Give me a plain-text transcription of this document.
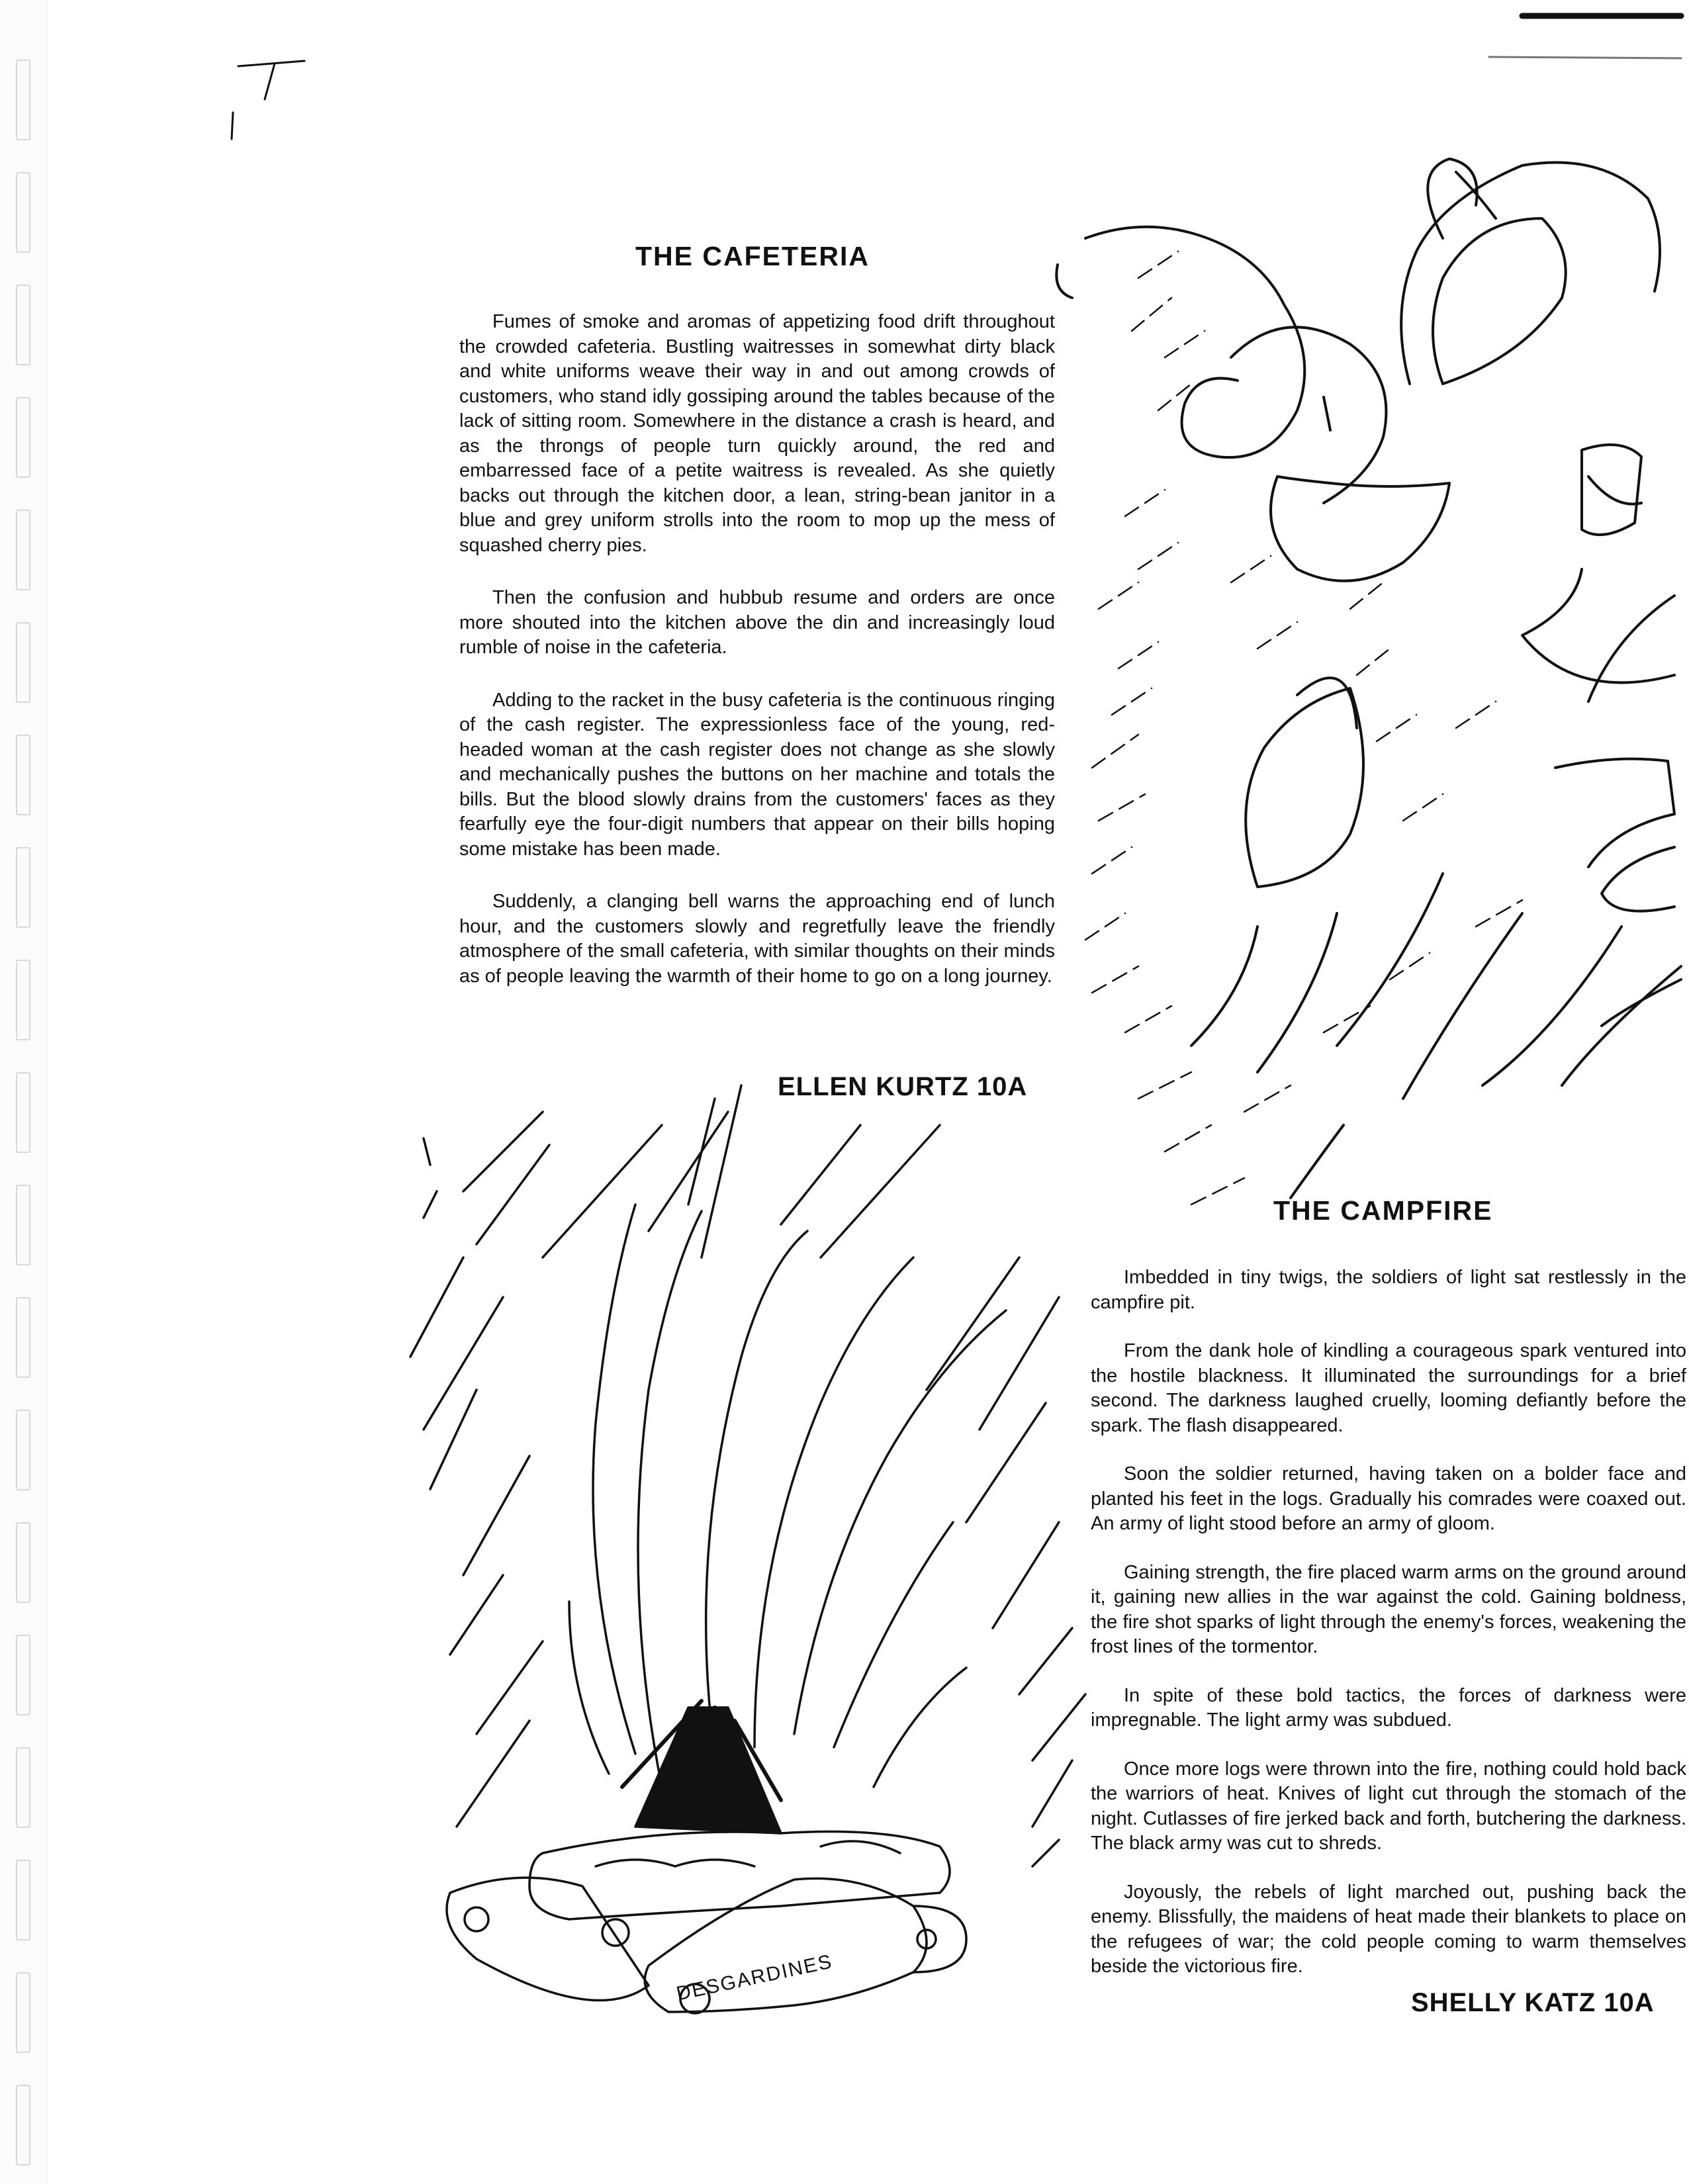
DESGARDINES
THE CAFETERIA

Fumes of smoke and aromas of appetizing food drift throughout the crowded cafeteria. Bustling waitresses in somewhat dirty black and white uniforms weave their way in and out among crowds of customers, who stand idly gossiping around the tables because of the lack of sitting room. Somewhere in the distance a crash is heard, and as the throngs of people turn quickly around, the red and embarressed face of a petite waitress is revealed. As she quietly backs out through the kitchen door, a lean, string-bean janitor in a blue and grey uniform strolls into the room to mop up the mess of squashed cherry pies.

Then the confusion and hubbub resume and orders are once more shouted into the kitchen above the din and increasingly loud rumble of noise in the cafeteria.

Adding to the racket in the busy cafeteria is the continuous ringing of the cash register. The expressionless face of the young, red-headed woman at the cash register does not change as she slowly and mechanically pushes the buttons on her machine and totals the bills. But the blood slowly drains from the customers' faces as they fearfully eye the four-digit numbers that appear on their bills hoping some mistake has been made.

Suddenly, a clanging bell warns the approaching end of lunch hour, and the customers slowly and regretfully leave the friendly atmosphere of the small cafeteria, with similar thoughts on their minds as of people leaving the warmth of their home to go on a long journey.

ELLEN KURTZ 10A
THE CAMPFIRE

Imbedded in tiny twigs, the soldiers of light sat restlessly in the campfire pit.

From the dank hole of kindling a courageous spark ventured into the hostile blackness. It illuminated the surroundings for a brief second. The darkness laughed cruelly, looming defiantly before the spark. The flash disappeared.

Soon the soldier returned, having taken on a bolder face and planted his feet in the logs. Gradually his comrades were coaxed out. An army of light stood before an army of gloom.

Gaining strength, the fire placed warm arms on the ground around it, gaining new allies in the war against the cold. Gaining boldness, the fire shot sparks of light through the enemy's forces, weakening the frost lines of the tormentor.

In spite of these bold tactics, the forces of darkness were impregnable. The light army was subdued.

Once more logs were thrown into the fire, nothing could hold back the warriors of heat. Knives of light cut through the stomach of the night. Cutlasses of fire jerked back and forth, butchering the darkness. The black army was cut to shreds.

Joyously, the rebels of light marched out, pushing back the enemy. Blissfully, the maidens of heat made their blankets to place on the refugees of war; the cold people coming to warm themselves beside the victorious fire.

SHELLY KATZ 10A
